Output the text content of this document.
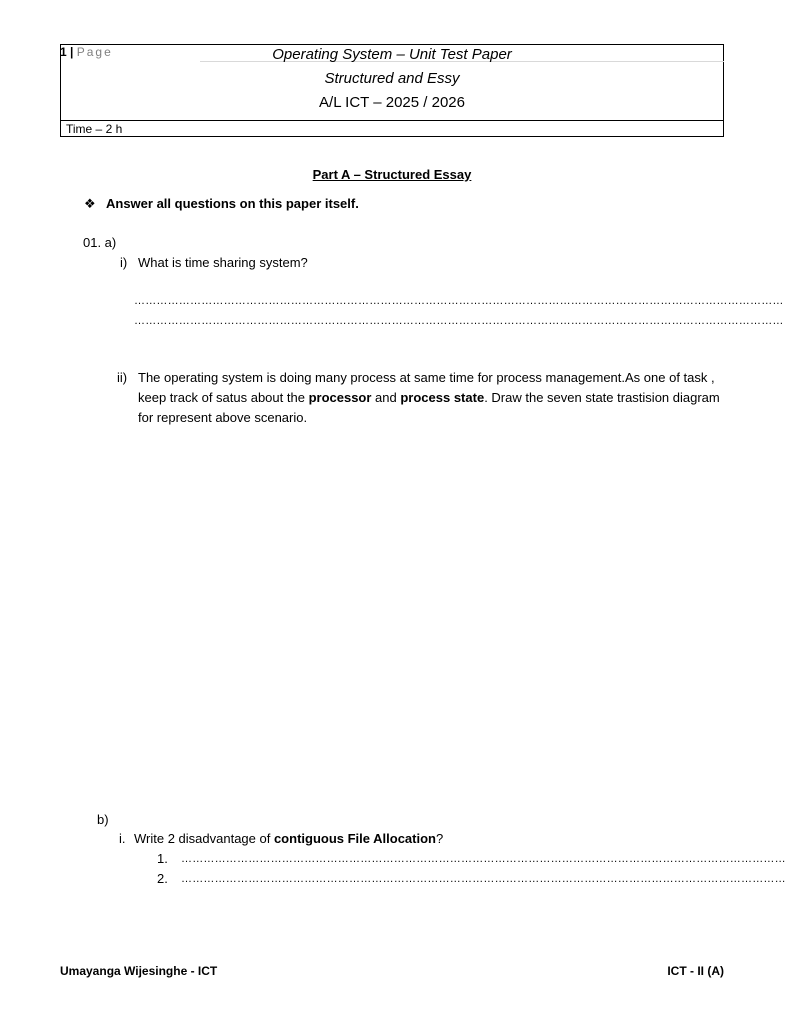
1 | Page	Operating System – Unit Test Paper
Structured and Essy
A/L ICT – 2025 / 2026
Time – 2 h
Part A – Structured Essay
❖ Answer all questions on this paper itself.
01. a)
i) What is time sharing system?
…………………………………………………………………………………………………………………………………………………………
…………………………………………………………………………………………………………………………………………………………
ii) The operating system is doing many process at same time for process management.As one of task , keep track of satus about the processor and process state. Draw the seven state trastision diagram for represent above scenario.
b)
i. Write 2 disadvantage of contiguous File Allocation?
1. ………………………………………………………………………………………………………………………………………………
2. ………………………………………………………………………………………………………………………………………………
Umayanga Wijesinghe - ICT	ICT - II (A)
